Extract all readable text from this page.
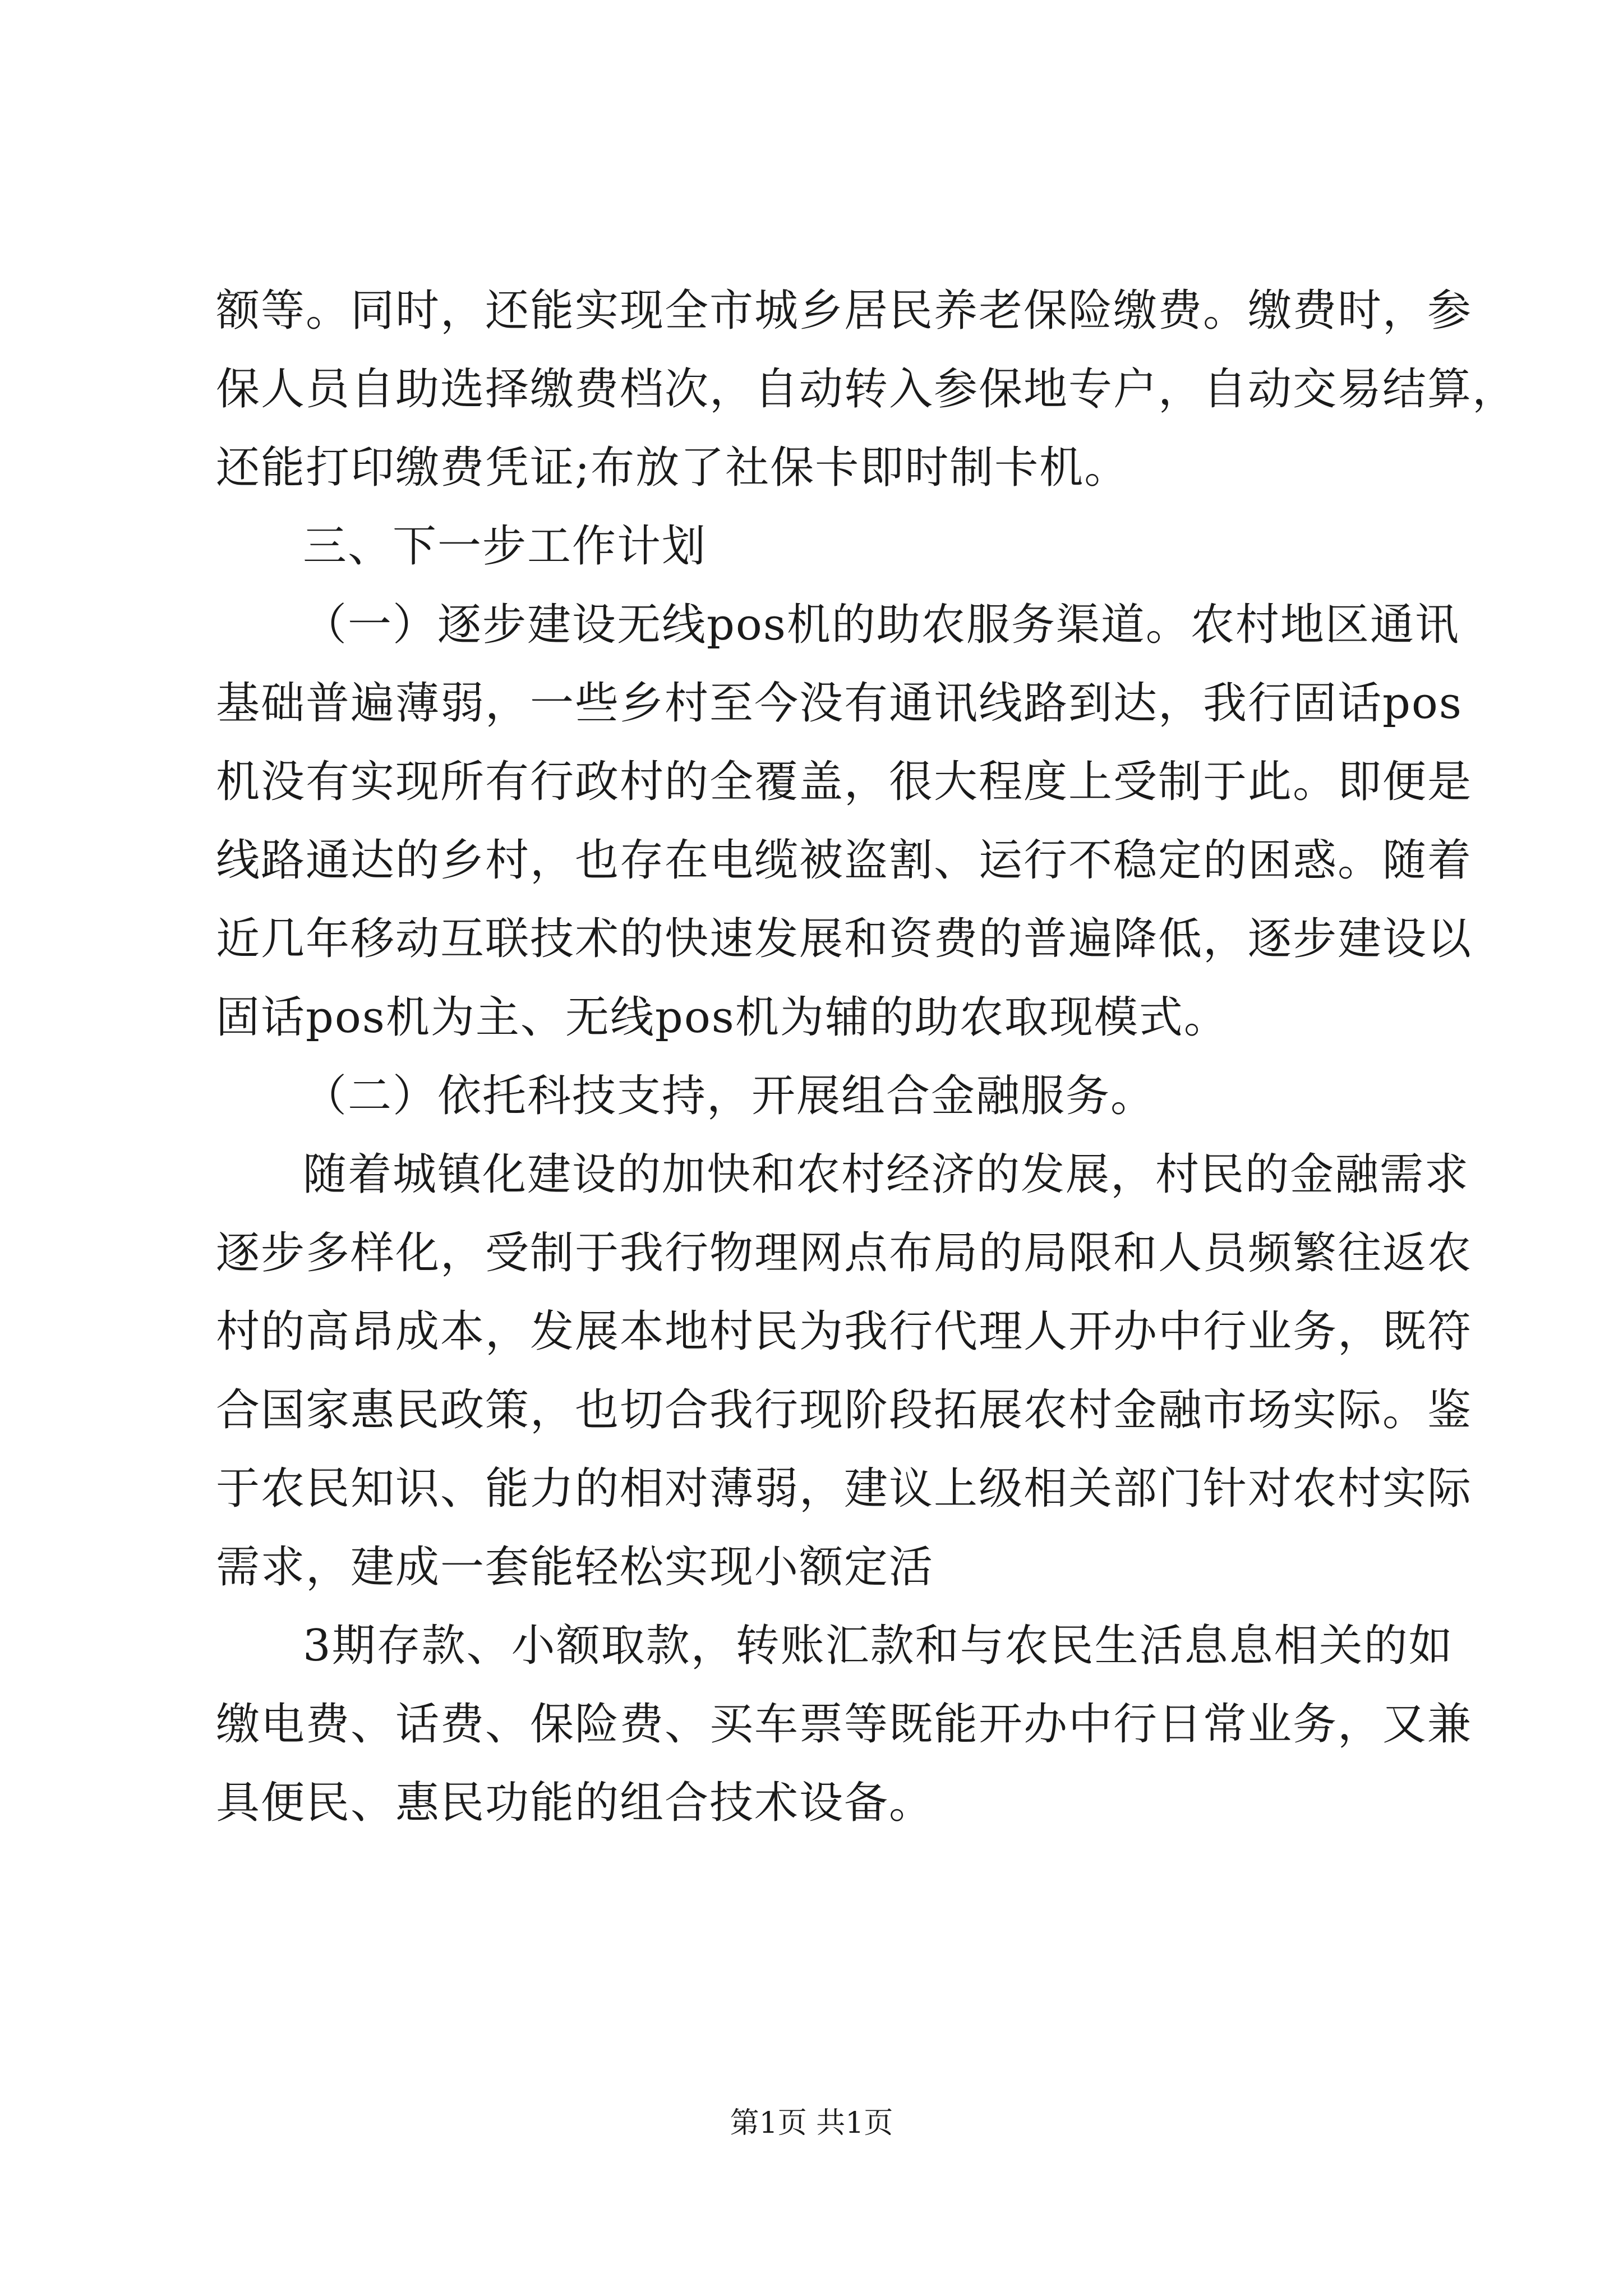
额等。同时，还能实现全市城乡居民养老保险缴费。缴费时，参
保人员自助选择缴费档次，自动转入参保地专户，自动交易结算，
还能打印缴费凭证;布放了社保卡即时制卡机。
三、下一步工作计划
（一）逐步建设无线pos机的助农服务渠道。农村地区通讯
基础普遍薄弱，一些乡村至今没有通讯线路到达，我行固话pos
机没有实现所有行政村的全覆盖，很大程度上受制于此。即便是
线路通达的乡村，也存在电缆被盗割、运行不稳定的困惑。随着
近几年移动互联技术的快速发展和资费的普遍降低，逐步建设以
固话pos机为主、无线pos机为辅的助农取现模式。
（二）依托科技支持，开展组合金融服务。
随着城镇化建设的加快和农村经济的发展，村民的金融需求
逐步多样化，受制于我行物理网点布局的局限和人员频繁往返农
村的高昂成本，发展本地村民为我行代理人开办中行业务，既符
合国家惠民政策，也切合我行现阶段拓展农村金融市场实际。鉴
于农民知识、能力的相对薄弱，建议上级相关部门针对农村实际
需求，建成一套能轻松实现小额定活
3期存款、小额取款，转账汇款和与农民生活息息相关的如
缴电费、话费、保险费、买车票等既能开办中行日常业务，又兼
具便民、惠民功能的组合技术设备。
第1页 共1页
